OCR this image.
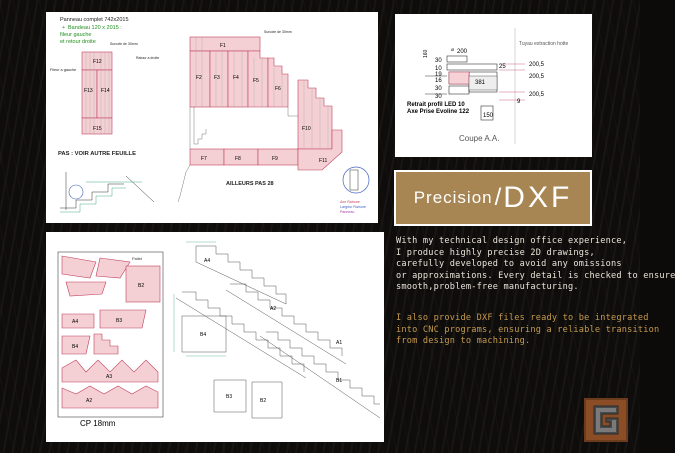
Panneau complet 742x2015
+ Bandeau 120 x 2015 :
fileur gauche
et retour droite	Surcote de 30mm
Ratour a droite
Fileur a gauche
Surcote de 30mm
F12
F13 F14
F15
PAS : VOIR AUTRE FEUILLE
F1
F2 F3	F4	F5
F6
F7	F8	F9
F10
F11
AILLEURS PAS 28
Axe Rainure
Largeur Rainure
Panneau
Tuyau extraction hotte
200
⌀
30
25	200,5
381
200,5
200,5
9
19
16
30
10
30
160
Retrait profil LED 10
Axe Prise Evoline 122
150
Coupe A.A.
Pallet
B2
A4
B4
B3
A3
A2
CP 18mm
A4
A2
A1
B4
B3
B2
B1
Precision / DXF
With my technical design office experience,
I produce highly precise 2D drawings,
carefully developed to avoid any omissions
or approximations. Every detail is checked to ensure
smooth,problem-free manufacturing.
I also provide DXF files ready to be integrated
into CNC programs, ensuring a reliable transition
from design to machining.
